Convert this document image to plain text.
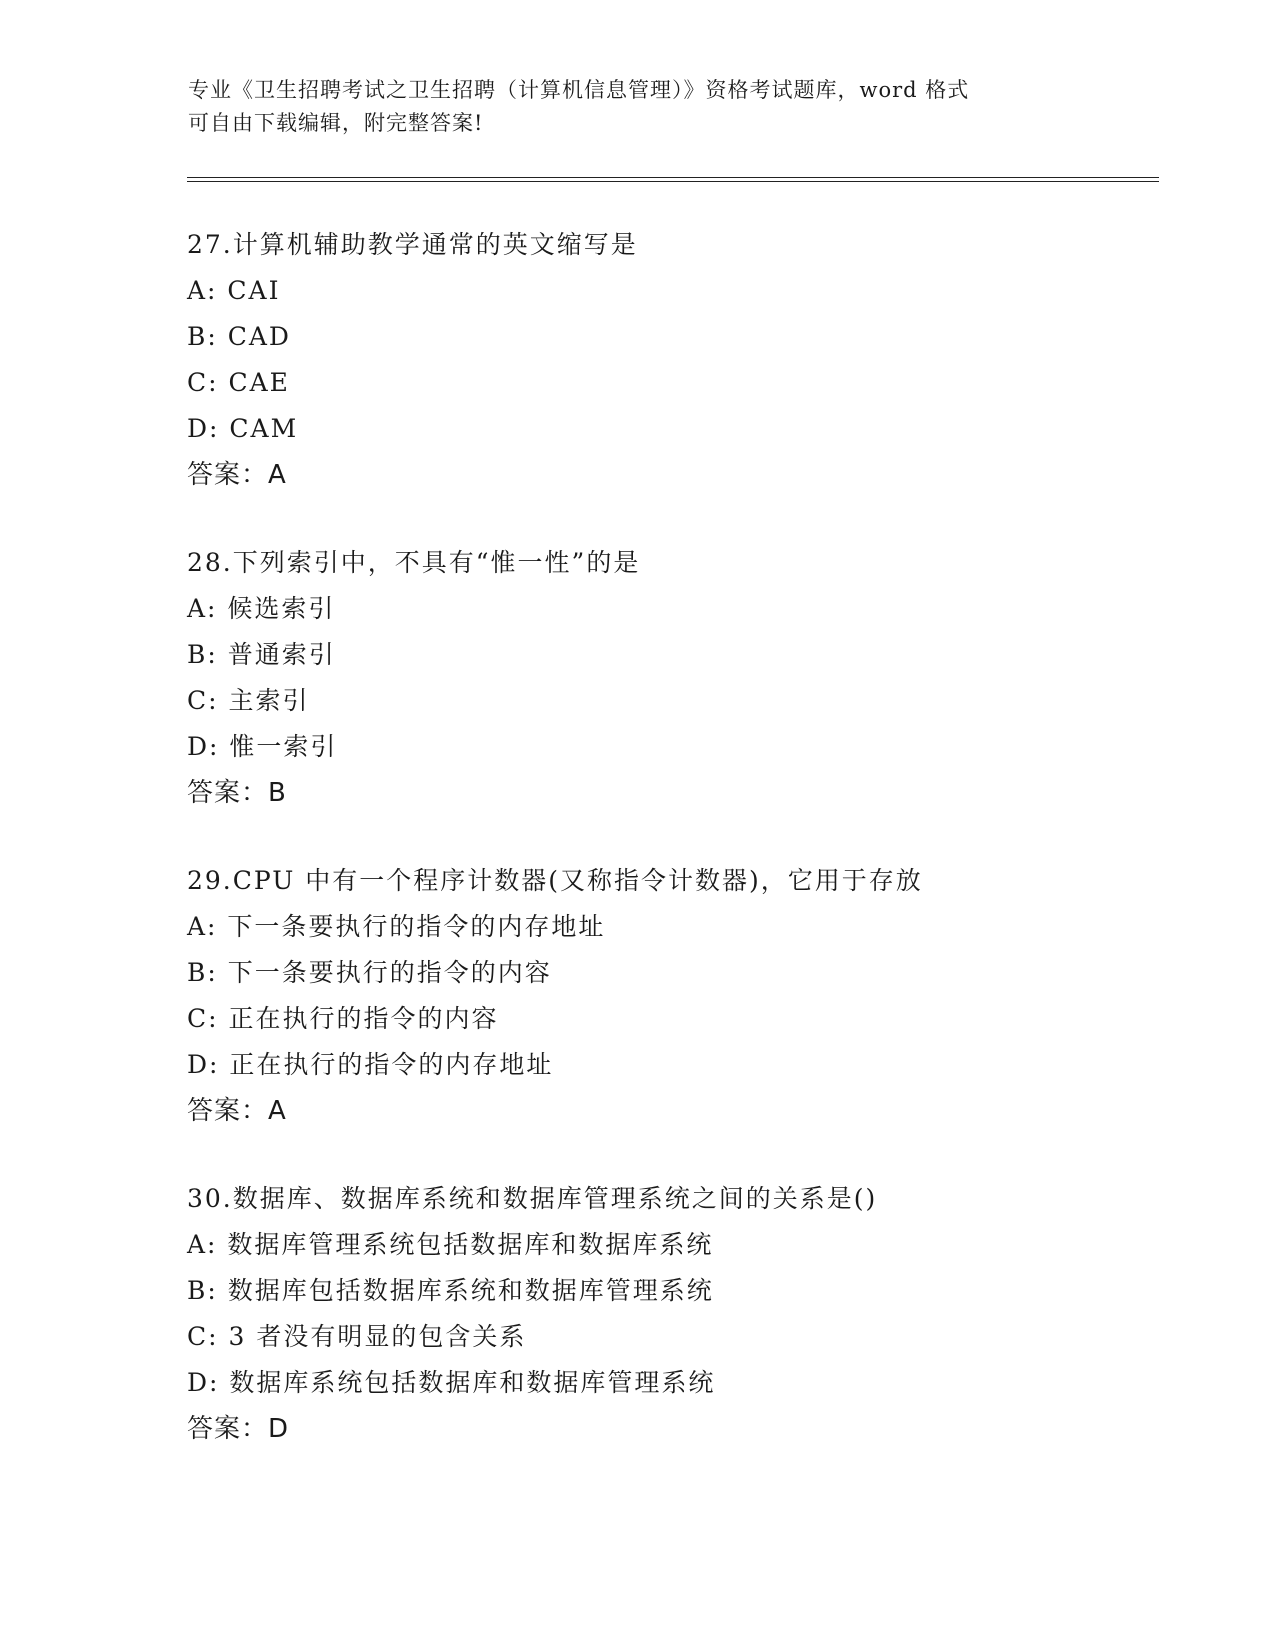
专业《卫生招聘考试之卫生招聘（计算机信息管理）》资格考试题库，word 格式
可自由下载编辑，附完整答案!
27.计算机辅助教学通常的英文缩写是
A: CAI
B: CAD
C: CAE
D: CAM
答案：A
28.下列索引中，不具有“惟一性”的是
A: 候选索引
B: 普通索引
C: 主索引
D: 惟一索引
答案：B
29.CPU 中有一个程序计数器(又称指令计数器)，它用于存放
A: 下一条要执行的指令的内存地址
B: 下一条要执行的指令的内容
C: 正在执行的指令的内容
D: 正在执行的指令的内存地址
答案：A
30.数据库、数据库系统和数据库管理系统之间的关系是()
A: 数据库管理系统包括数据库和数据库系统
B: 数据库包括数据库系统和数据库管理系统
C: 3 者没有明显的包含关系
D: 数据库系统包括数据库和数据库管理系统
答案：D
